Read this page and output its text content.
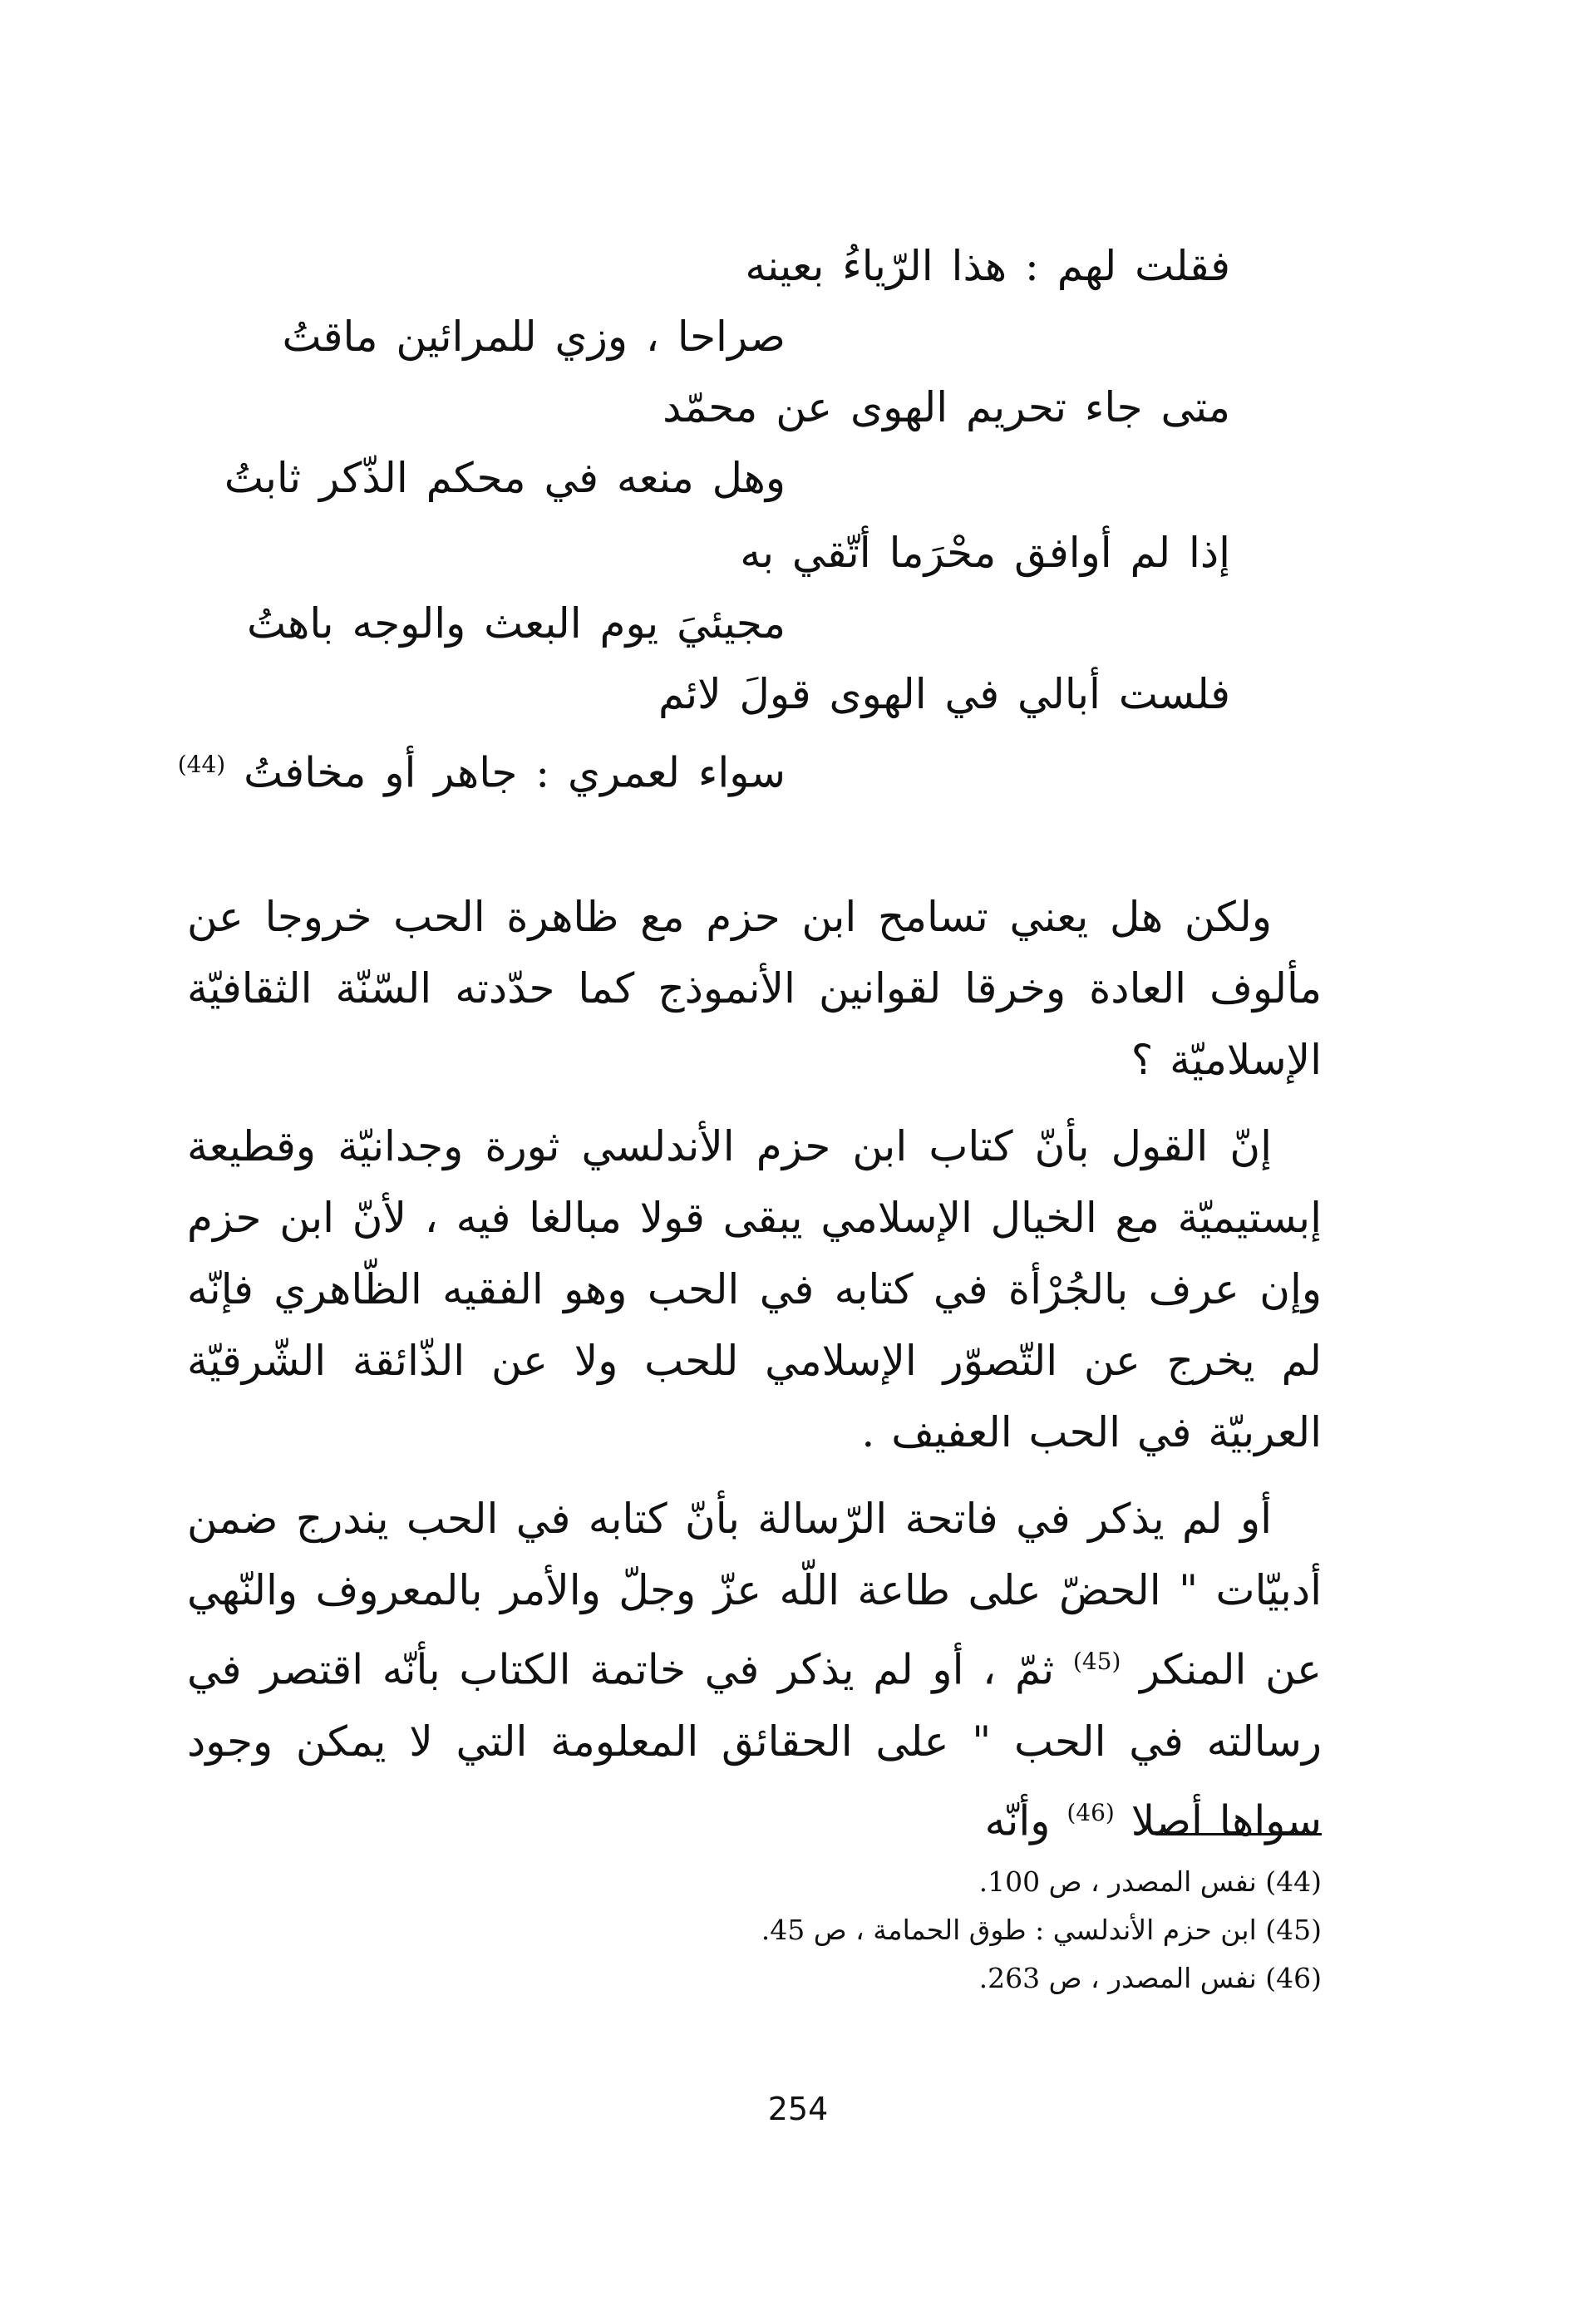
فقلت لهم : هذا الرّياءُ بعينه
صراحا ، وزي للمرائين ماقتُ
متى جاء تحريم الهوى عن محمّد
وهل منعه في محكم الذّكر ثابتُ
إذا لم أوافق محْرَما أتّقي به
مجيئيَ يوم البعث والوجه باهتُ
فلست أبالي في الهوى قولَ لائم
سواء لعمري : جاهر أو مخافتُ $^{(44)}$

ولكن هل يعني تسامح ابن حزم مع ظاهرة الحب خروجا عن مألوف العادة وخرقا لقوانين الأنموذج كما حدّدته السّنّة الثقافيّة الإسلاميّة ؟

إنّ القول بأنّ كتاب ابن حزم الأندلسي ثورة وجدانيّة وقطيعة إبستيميّة مع الخيال الإسلامي يبقى قولا مبالغا فيه ، لأنّ ابن حزم وإن عرف بالجُرْأة في كتابه في الحب وهو الفقيه الظّاهري فإنّه لم يخرج عن التّصوّر الإسلامي للحب ولا عن الذّائقة الشّرقيّة العربيّة في الحب العفيف .

أو لم يذكر في فاتحة الرّسالة بأنّ كتابه في الحب يندرج ضمن أدبيّات " الحضّ على طاعة اللّه عزّ وجلّ والأمر بالمعروف والنّهي عن المنكر $^{(45)}$ ثمّ ، أو لم يذكر في خاتمة الكتاب بأنّه اقتصر في رسالته في الحب " على الحقائق المعلومة التي لا يمكن وجود سواها أصلا $^{(46)}$ وأنّه

(44) نفس المصدر ، ص 100.
(45) ابن حزم الأندلسي : طوق الحمامة ، ص 45.
(46) نفس المصدر ، ص 263.
254
